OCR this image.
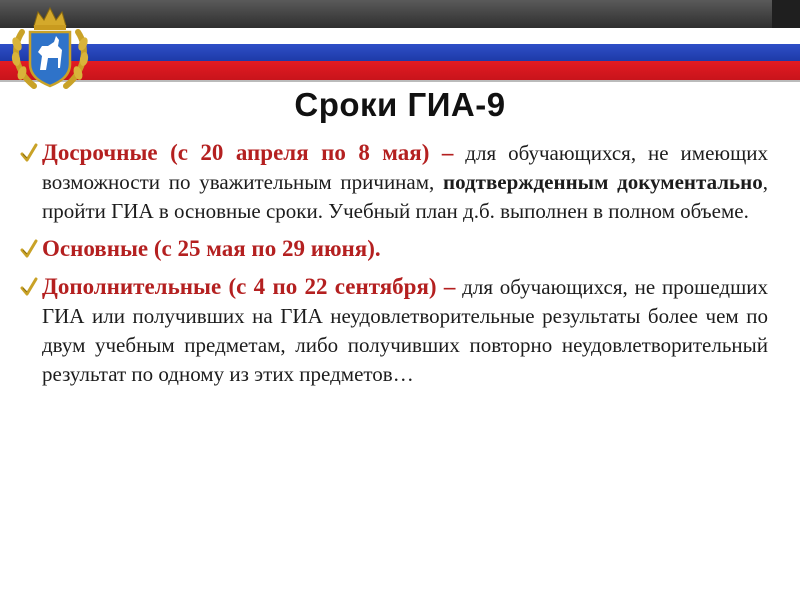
Сроки ГИА-9
Досрочные (с 20 апреля по 8 мая) – для обучающихся, не имеющих возможности по уважительным причинам, подтвержденным документально, пройти ГИА в основные сроки. Учебный план д.б. выполнен в полном объеме.
Основные (с 25 мая по 29 июня).
Дополнительные (с 4 по 22 сентября) – для обучающихся, не прошедших ГИА или получивших на ГИА неудовлетворительные результаты более чем по двум учебным предметам, либо получивших повторно неудовлетворительный результат по одному из этих предметов…
